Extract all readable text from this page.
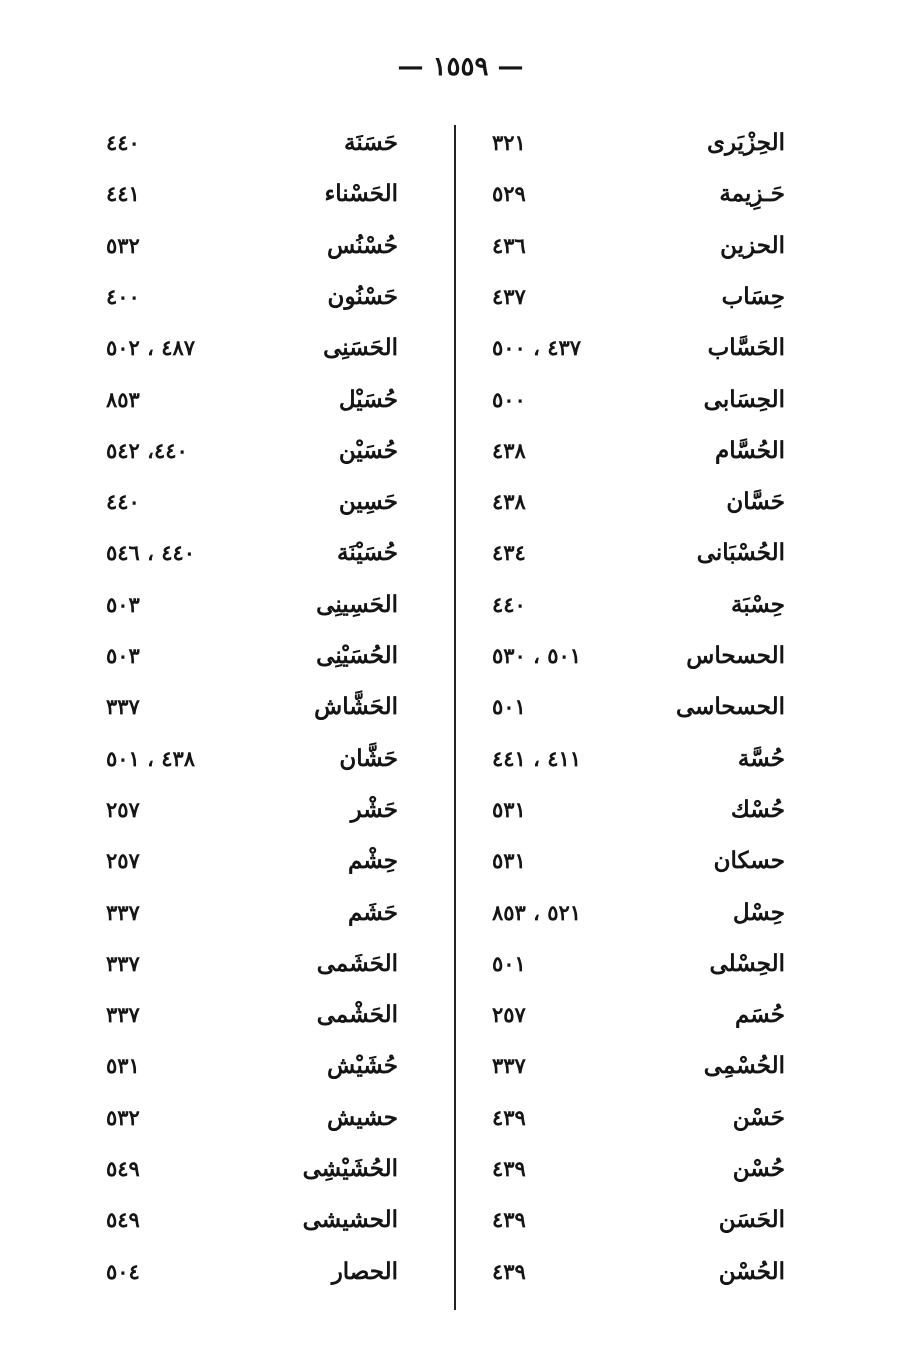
— ١٥٥٩ —
الحِزْيَرى
٣٢١
حَـزِيمة
٥٢٩
الحزين
٤٣٦
حِسَاب
٤٣٧
الحَسَّاب
٤٣٧ ، ٥٠٠
الحِسَابى
٥٠٠
الحُسَّام
٤٣٨
حَسَّان
٤٣٨
الحُسْبَانى
٤٣٤
حِسْبَة
٤٤٠
الحسحاس
٥٠١ ، ٥٣٠
الحسحاسى
٥٠١
حُسَّة
٤١١ ، ٤٤١
حُسْك
٥٣١
حسكان
٥٣١
حِسْل
٥٢١ ، ٨٥٣
الحِسْلى
٥٠١
حُسَم
٢٥٧
الحُسْمِى
٣٣٧
حَسْن
٤٣٩
حُسْن
٤٣٩
الحَسَن
٤٣٩
الحُسْن
٤٣٩
حَسَنَة
٤٤٠
الحَسْناء
٤٤١
حُسْنُس
٥٣٢
حَسْنُون
٤٠٠
الحَسَنِى
٤٨٧ ، ٥٠٢
حُسَيْل
٨٥٣
حُسَيْن
٤٤٠، ٥٤٢
حَسِين
٤٤٠
حُسَيْنَة
٤٤٠ ، ٥٤٦
الحَسِينِى
٥٠٣
الحُسَيْنِى
٥٠٣
الحَشَّاش
٣٣٧
حَشَّان
٤٣٨ ، ٥٠١
حَشْر
٢٥٧
حِشْم
٢٥٧
حَشَم
٣٣٧
الحَشَمى
٣٣٧
الحَشْمى
٣٣٧
حُشَيْش
٥٣١
حشيش
٥٣٢
الحُشَيْشِى
٥٤٩
الحشيشى
٥٤٩
الحصار
٥٠٤
